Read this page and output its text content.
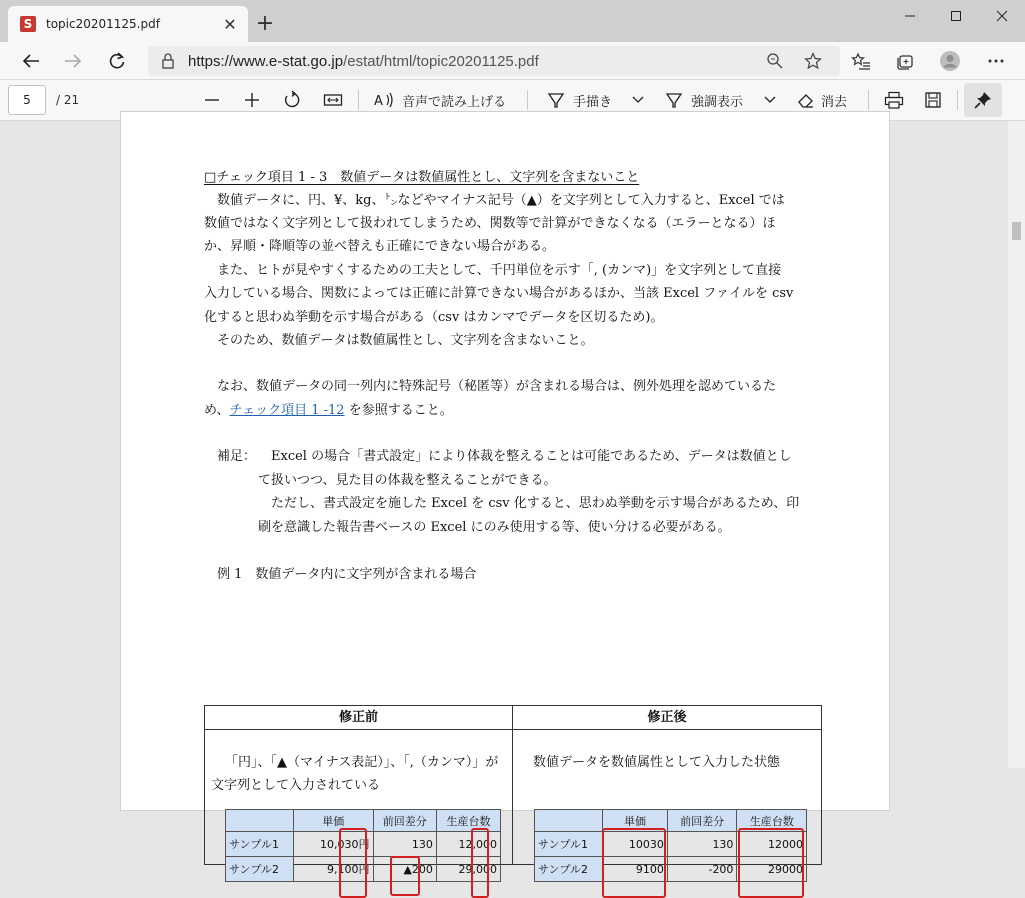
S	topic20201125.pdf	✕ +
https://www.e-stat.go.jp/estat/html/topic20201125.pdf
5	/ 21	A 音声で読み上げる	手描き	強調表示	消去
□チェック項目 1 - 3　数値データは数値属性とし、文字列を含まないこと
　数値データに、円、¥、kg、㌧などやマイナス記号（▲）を文字列として入力すると、Excel では
数値ではなく文字列として扱われてしまうため、関数等で計算ができなくなる（エラーとなる）ほ
か、昇順・降順等の並べ替えも正確にできない場合がある。
　また、ヒトが見やすくするための工夫として、千円単位を示す「, (カンマ)」を文字列として直接
入力している場合、関数によっては正確に計算できない場合があるほか、当該 Excel ファイルを csv
化すると思わぬ挙動を示す場合がある（csv はカンマでデータを区切るため)。
　そのため、数値データは数値属性とし、文字列を含まないこと。
　なお、数値データの同一列内に特殊記号（秘匿等）が含まれる場合は、例外処理を認めているた
め、チェック項目 1 -12 を参照すること。
補足： Excel の場合「書式設定」により体裁を整えることは可能であるため、データは数値とし
て扱いつつ、見た目の体裁を整えることができる。
　ただし、書式設定を施した Excel を csv 化すると、思わぬ挙動を示す場合があるため、印
刷を意識した報告書ベースの Excel にのみ使用する等、使い分ける必要がある。
例 1　数値データ内に文字列が含まれる場合
修正前	修正後
「円」、「▲（マイナス表記）」、「,（カンマ）」が
文字列として入力されている
数値データを数値属性として入力した状態
	単価	前回差分	生産台数
サンプル1	10,030円	130	12,000
サンプル2	9,100円	▲200	29,000
	単価	前回差分	生産台数
サンプル1	10030	130	12000
サンプル2	9100	-200	29000
